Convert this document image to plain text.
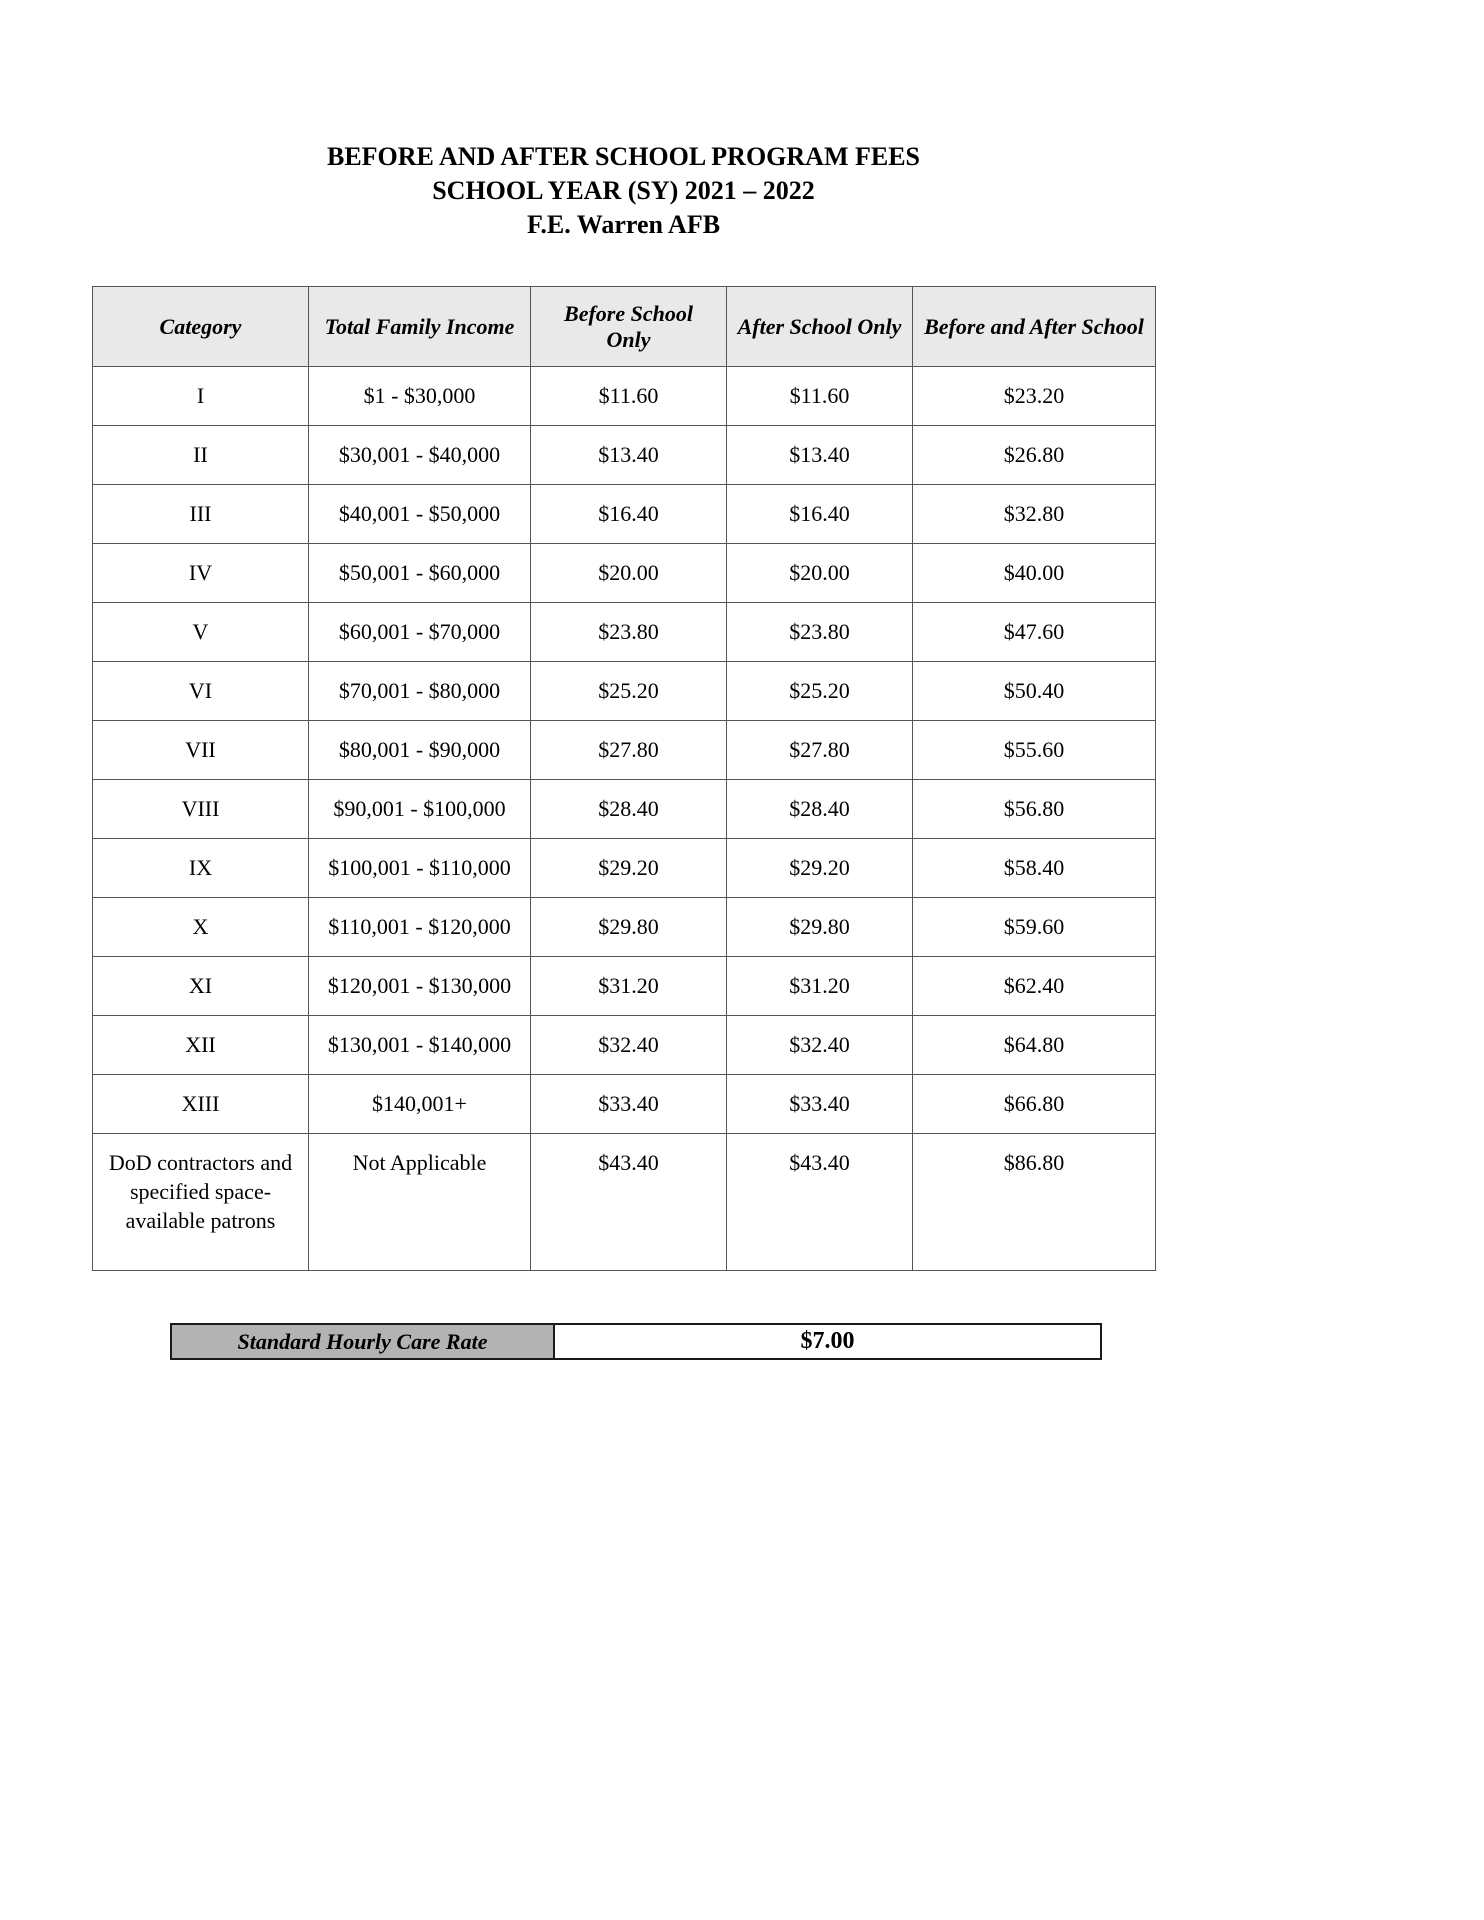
BEFORE AND AFTER SCHOOL PROGRAM FEES
SCHOOL YEAR (SY) 2021 – 2022
F.E. Warren AFB
Category	Total Family Income	Before School Only	After School Only	Before and After School
I	$1 - $30,000	$11.60	$11.60	$23.20
II	$30,001 - $40,000	$13.40	$13.40	$26.80
III	$40,001 - $50,000	$16.40	$16.40	$32.80
IV	$50,001 - $60,000	$20.00	$20.00	$40.00
V	$60,001 - $70,000	$23.80	$23.80	$47.60
VI	$70,001 - $80,000	$25.20	$25.20	$50.40
VII	$80,001 - $90,000	$27.80	$27.80	$55.60
VIII	$90,001 - $100,000	$28.40	$28.40	$56.80
IX	$100,001 - $110,000	$29.20	$29.20	$58.40
X	$110,001 - $120,000	$29.80	$29.80	$59.60
XI	$120,001 - $130,000	$31.20	$31.20	$62.40
XII	$130,001 - $140,000	$32.40	$32.40	$64.80
XIII	$140,001+	$33.40	$33.40	$66.80
DoD contractors and specified space-available patrons	Not Applicable	$43.40	$43.40	$86.80
Standard Hourly Care Rate	$7.00
